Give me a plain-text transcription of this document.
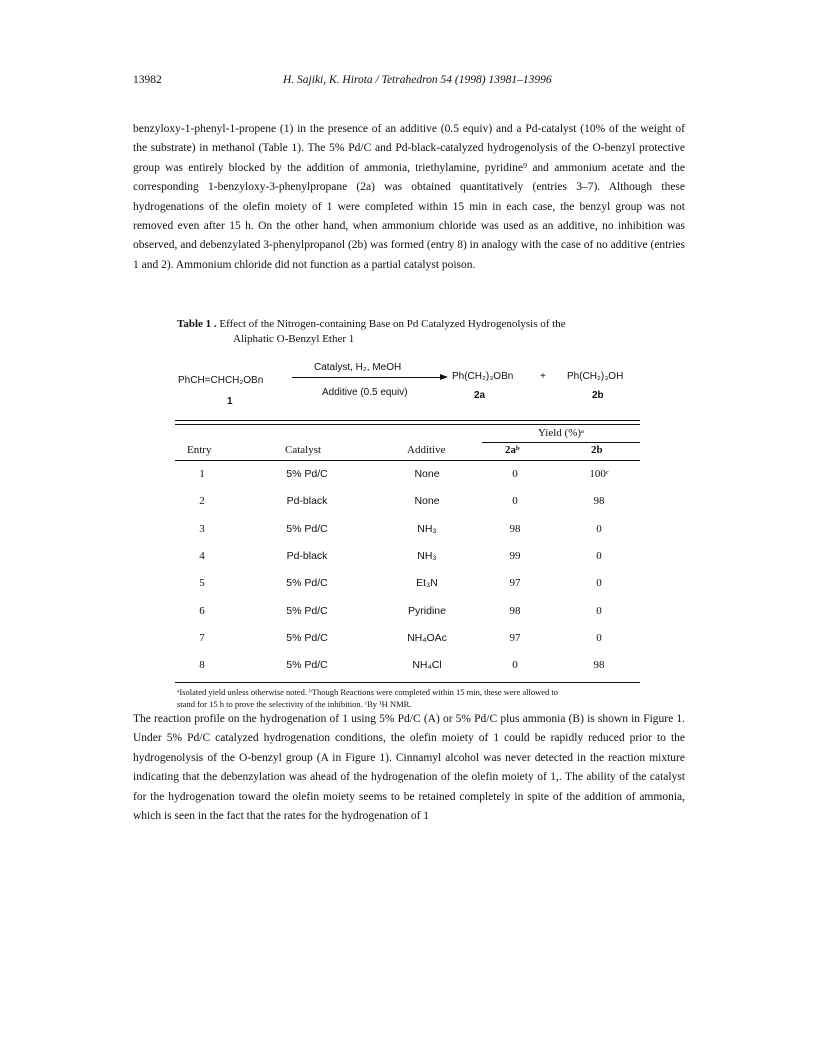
13982	H. Sajiki, K. Hirota / Tetrahedron 54 (1998) 13981–13996

benzyloxy-1-phenyl-1-propene (1) in the presence of an additive (0.5 equiv) and a Pd-catalyst (10% of the weight of the substrate) in methanol (Table 1). The 5% Pd/C and Pd-black-catalyzed hydrogenolysis of the O-benzyl protective group was entirely blocked by the addition of ammonia, triethylamine, pyridine⁹ and ammonium acetate and the corresponding 1-benzyloxy-3-phenylpropane (2a) was obtained quantitatively (entries 3–7). Although these hydrogenations of the olefin moiety of 1 were completed within 15 min in each case, the benzyl group was not removed even after 15 h. On the other hand, when ammonium chloride was used as an additive, no inhibition was observed, and debenzylated 3-phenylpropanol (2b) was formed (entry 8) in analogy with the case of no additive (entries 1 and 2). Ammonium chloride did not function as a partial catalyst poison.

Table 1 . Effect of the Nitrogen-containing Base on Pd Catalyzed Hydrogenolysis of the
Aliphatic O-Benzyl Ether 1
PhCH=CHCH₂OBn
1
Catalyst, H₂, MeOH
Additive (0.5 equiv)
Ph(CH₂)₃OBn
2a
+ Ph(CH₂)₃OH
2b
Yield (%)ᵃ
Entry	Catalyst	Additive	2aᵇ	2b
1	5% Pd/C	None	0	100ᶜ
2	Pd-black	None	0	98
3	5% Pd/C	NH₃	98	0
4	Pd-black	NH₃	99	0
5	5% Pd/C	Et₃N	97	0
6	5% Pd/C	Pyridine	98	0
7	5% Pd/C	NH₄OAc	97	0
8	5% Pd/C	NH₄Cl	0	98
ᵃIsolated yield unless otherwise noted. ᵇThough Reactions were completed within 15 min, these were allowed to
stand for 15 h to prove the selectivity of the inhibition. ᶜBy ¹H NMR.

The reaction profile on the hydrogenation of 1 using 5% Pd/C (A) or 5% Pd/C plus ammonia (B) is shown in Figure 1. Under 5% Pd/C catalyzed hydrogenation conditions, the olefin moiety of 1 could be rapidly reduced prior to the hydrogenolysis of the O-benzyl group (A in Figure 1). Cinnamyl alcohol was never detected in the reaction mixture indicating that the debenzylation was ahead of the hydrogenation of the olefin moiety of 1,. The ability of the catalyst for the hydrogenation toward the olefin moiety seems to be retained completely in spite of the addition of ammonia, which is seen in the fact that the rates for the hydrogenation of 1
